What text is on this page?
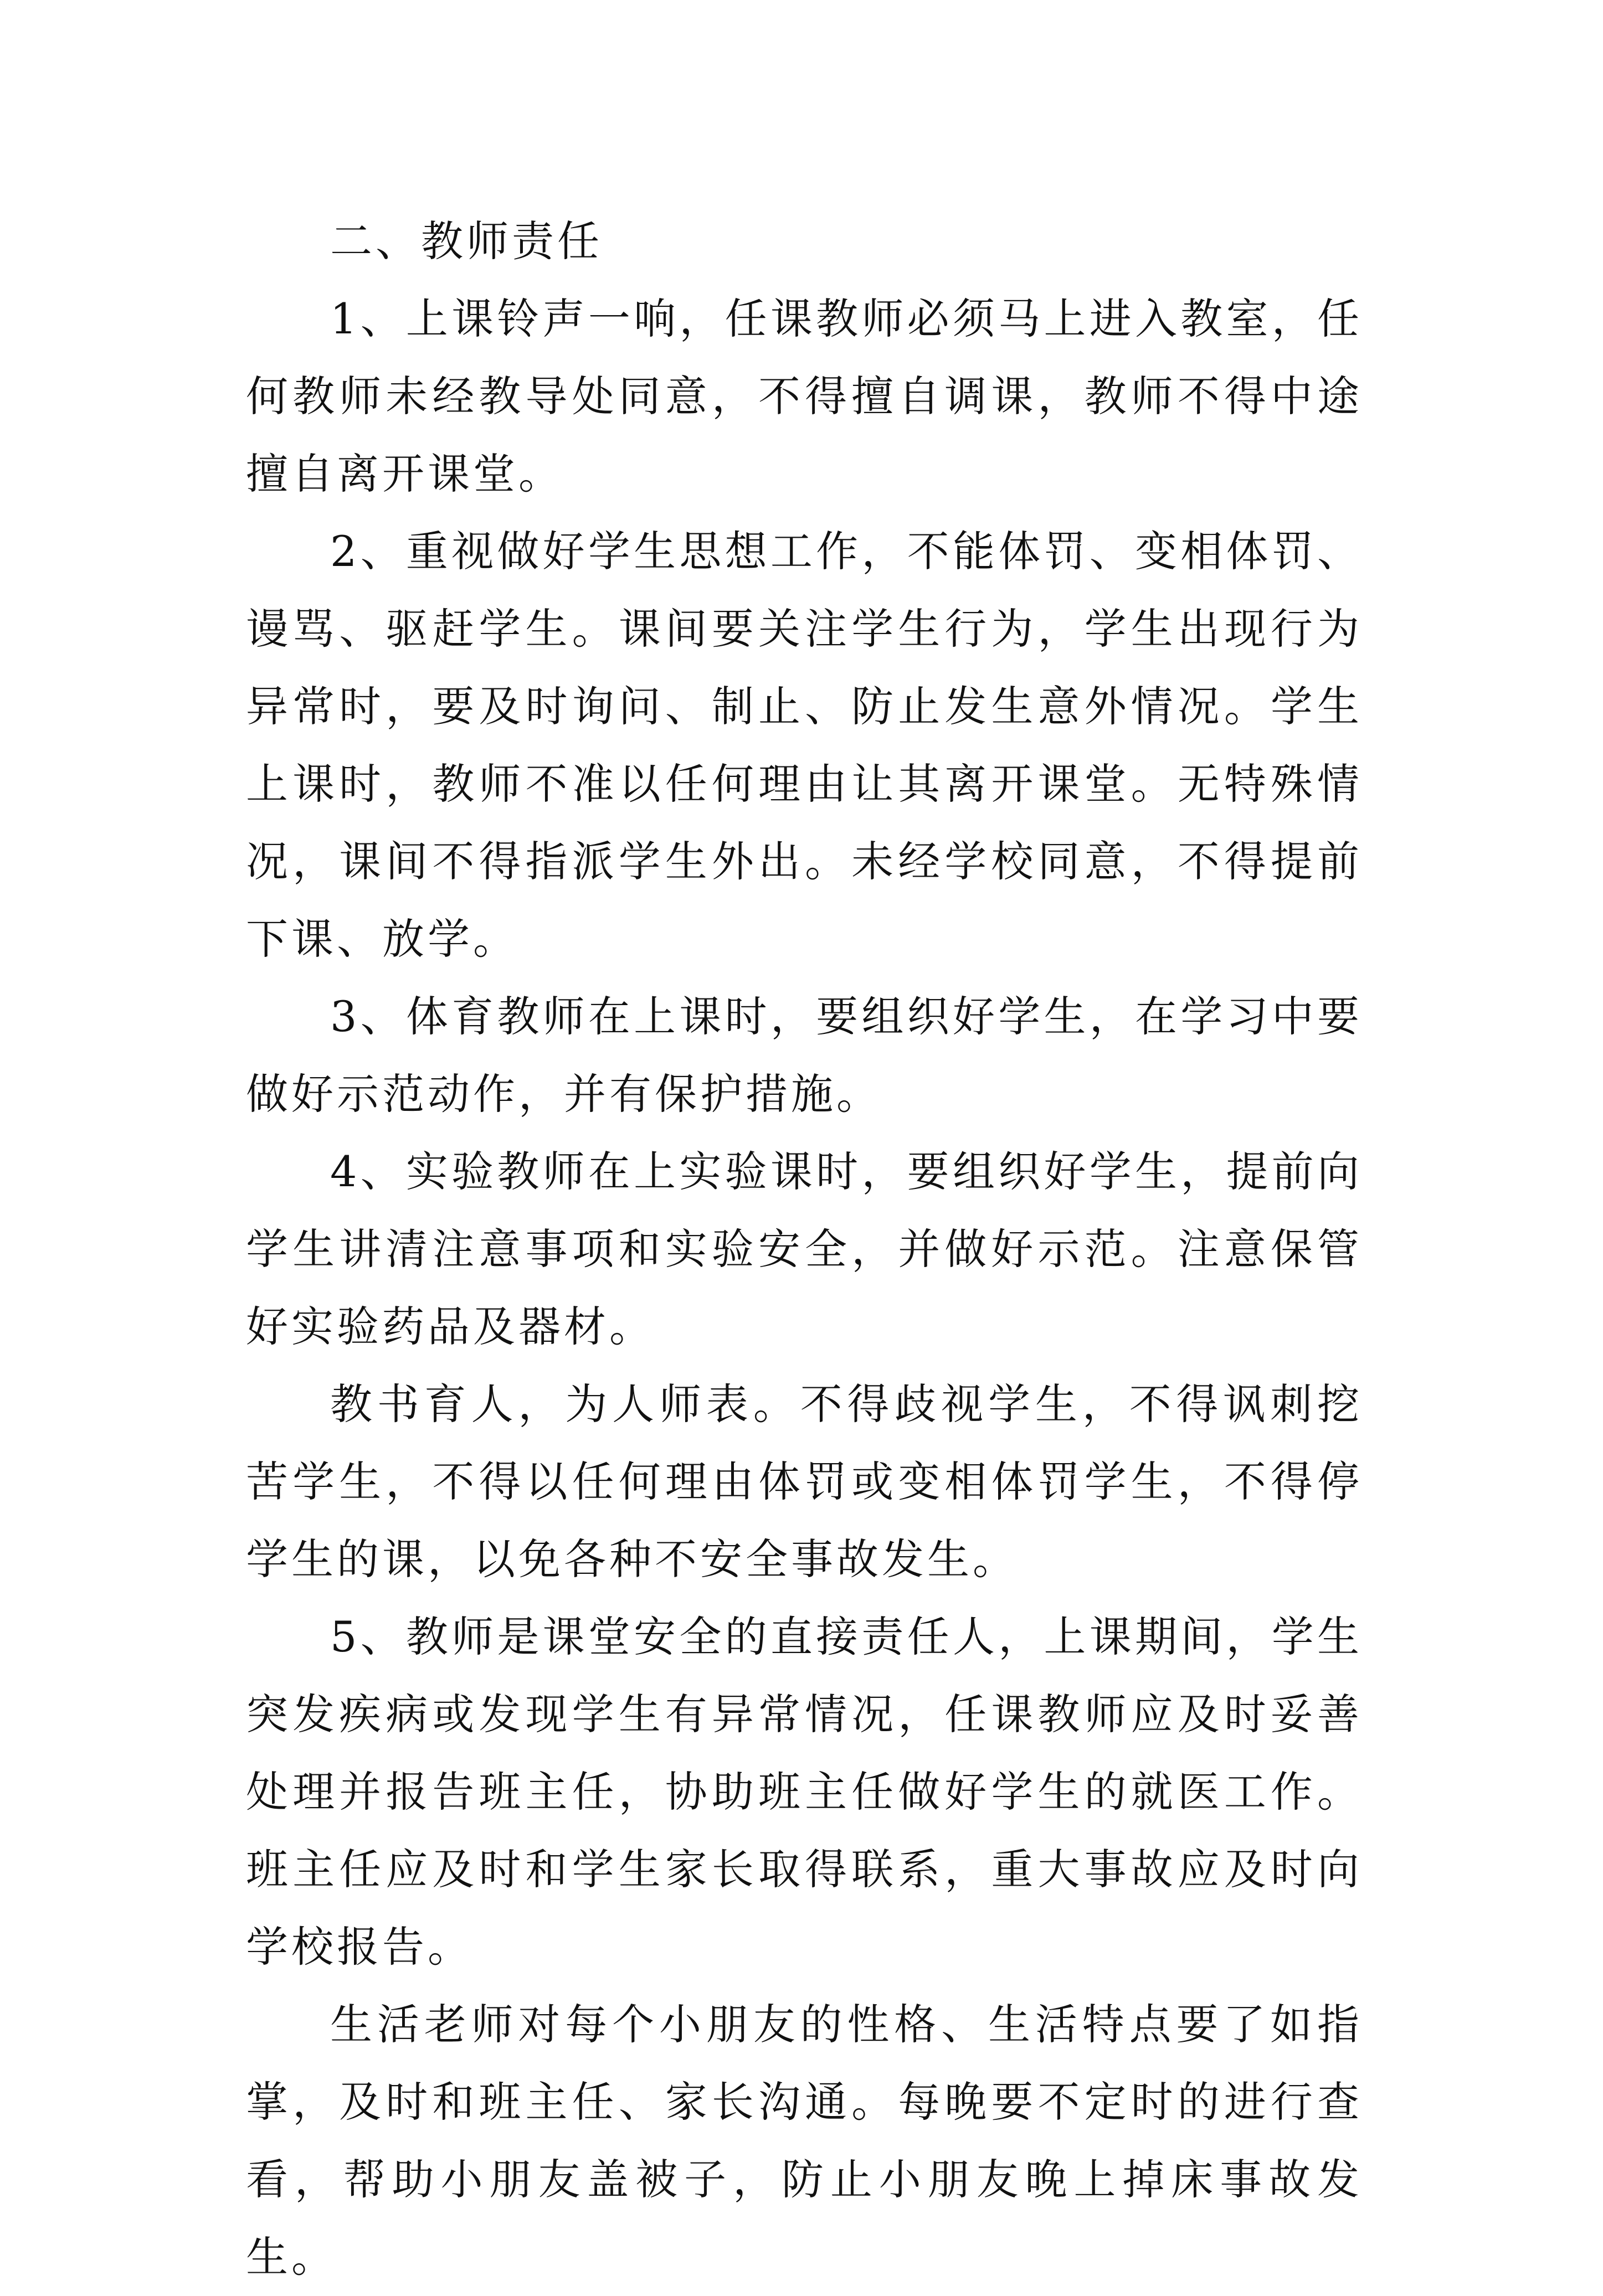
二、教师责任

1、上课铃声一响，任课教师必须马上进入教室，任何教师未经教导处同意，不得擅自调课，教师不得中途擅自离开课堂。

2、重视做好学生思想工作，不能体罚、变相体罚、谩骂、驱赶学生。课间要关注学生行为，学生出现行为异常时，要及时询问、制止、防止发生意外情况。学生上课时，教师不准以任何理由让其离开课堂。无特殊情况，课间不得指派学生外出。未经学校同意，不得提前下课、放学。

3、体育教师在上课时，要组织好学生，在学习中要做好示范动作，并有保护措施。

4、实验教师在上实验课时，要组织好学生，提前向学生讲清注意事项和实验安全，并做好示范。注意保管好实验药品及器材。

教书育人，为人师表。不得歧视学生，不得讽刺挖苦学生，不得以任何理由体罚或变相体罚学生，不得停学生的课，以免各种不安全事故发生。

5、教师是课堂安全的直接责任人，上课期间，学生突发疾病或发现学生有异常情况，任课教师应及时妥善处理并报告班主任，协助班主任做好学生的就医工作。班主任应及时和学生家长取得联系，重大事故应及时向学校报告。

生活老师对每个小朋友的性格、生活特点要了如指掌，及时和班主任、家长沟通。每晚要不定时的进行查看，帮助小朋友盖被子，防止小朋友晚上掉床事故发生。
